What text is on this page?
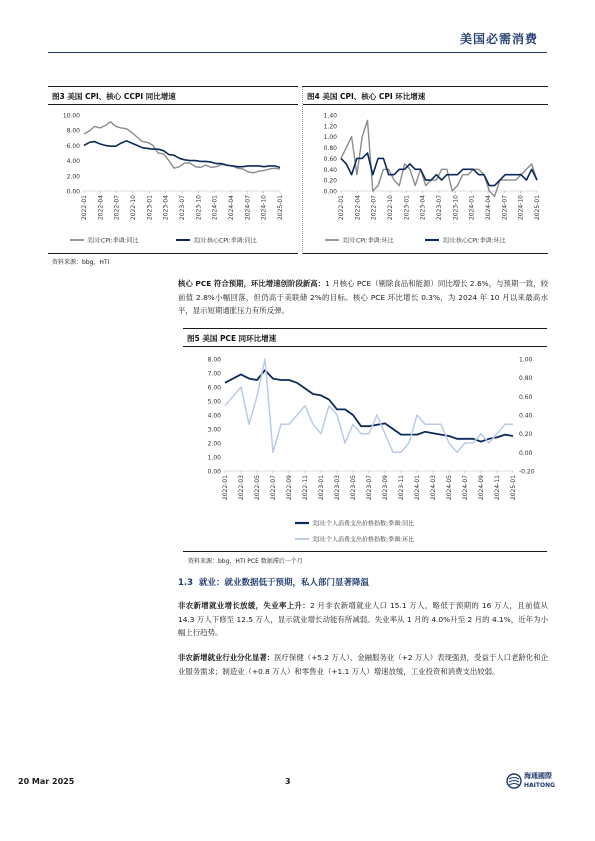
美国必需消费
图3 美国 CPI、核心 CCPI 同比增速
10.00
8.00
6.00
4.00
2.00
0.00
2022-01 2022-04 2022-07 2022-10 2023-01 2023-04 2023-07 2023-10 2024-01 2024-04 2024-07 2024-10 2025-01
美国:CPI:季调:同比	美国:核心CPI:季调:同比
图4 美国 CPI、核心 CPI 环比增速
1.40
1.20
1.00
0.80
0.60
0.40
0.20
0.00
2022-01 2022-04 2022-07 2022-10 2023-01 2023-04 2023-07 2023-10 2024-01 2024-04 2024-07 2024-10 2025-01
美国:CPI:季调:环比	美国:核心CPI:季调:环比
资料来源：bbg，HTI
核心 PCE 符合预期，环比增速创阶段新高：1 月核心 PCE（剔除食品和能源）同比增长 2.6%，与预期一致，较前值 2.8%小幅回落，但仍高于美联储 2%的目标。核心 PCE 环比增长 0.3%，为 2024 年 10 月以来最高水平，显示短期通胀压力有所反弹。
图5 美国 PCE 同环比增速
8.00
7.00
6.00
5.00
4.00
3.00
2.00
1.00
0.00
1.00
0.80
0.60
0.40
0.20
0.00
-0.20
2022-01 2022-03 2022-05 2022-07 2022-09 2022-11 2023-01 2023-03 2023-05 2023-07 2023-09 2023-11 2024-01 2024-03 2024-05 2024-07 2024-09 2024-11 2025-01
美国:个人消费支出价格指数:季调:同比
美国:个人消费支出价格指数:季调:环比
资料来源：bbg，HTI PCE 数据滞后一个月
1.3 就业：就业数据低于预期，私人部门显著降温
非农新增就业增长放缓，失业率上升：2 月非农新增就业人口 15.1 万人，略低于预期的 16 万人，且前值从 14.3 万人下修至 12.5 万人，显示就业增长动能有所减弱。失业率从 1 月的 4.0%升至 2 月的 4.1%，近年为小幅上行趋势。
非农新增就业行业分化显著：医疗保健（+5.2 万人）、金融服务业（+2 万人）表现强劲，受益于人口老龄化和企业服务需求；制造业（+0.8 万人）和零售业（+1.1 万人）增速放缓，工业投资和消费支出较弱。
20 Mar 2025	3
海通國際
HAITONG
